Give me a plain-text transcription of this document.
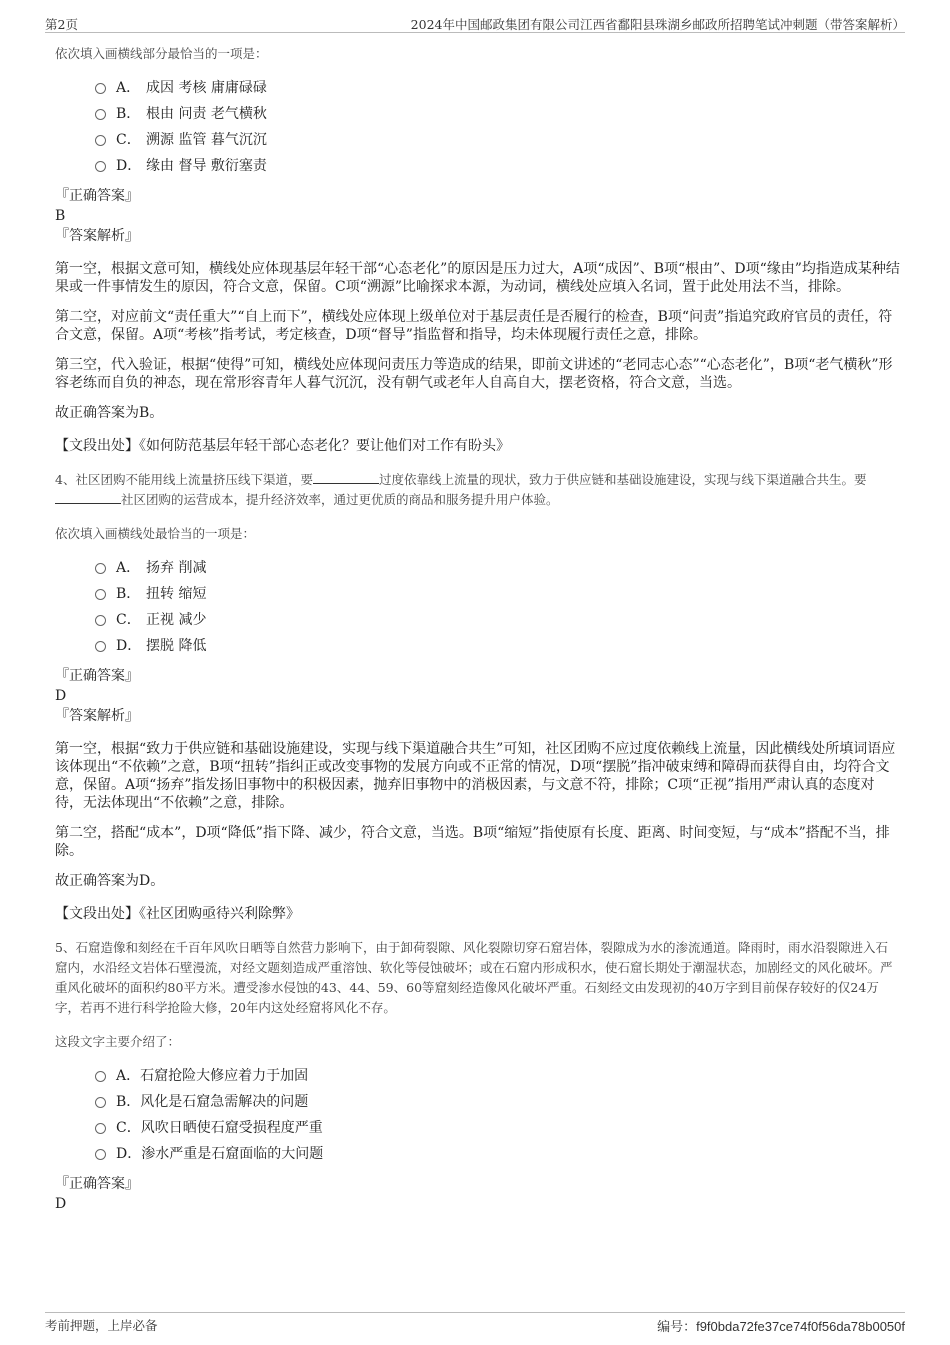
第2页	2024年中国邮政集团有限公司江西省鄱阳县珠湖乡邮政所招聘笔试冲刺题（带答案解析）

依次填入画横线部分最恰当的一项是：

A． 成因 考核 庸庸碌碌
B． 根由 问责 老气横秋
C． 溯源 监管 暮气沉沉
D． 缘由 督导 敷衍塞责

『正确答案』

B

『答案解析』

第一空，根据文意可知，横线处应体现基层年轻干部“心态老化”的原因是压力过大，A项“成因”、B项“根由”、D项“缘由”均指造成某种结果或一件事情发生的原因，符合文意，保留。C项“溯源”比喻探求本源，为动词，横线处应填入名词，置于此处用法不当，排除。

第二空，对应前文“责任重大”“自上而下”，横线处应体现上级单位对于基层责任是否履行的检查，B项“问责”指追究政府官员的责任，符合文意，保留。A项“考核”指考试，考定核查，D项“督导”指监督和指导，均未体现履行责任之意，排除。

第三空，代入验证，根据“使得”可知，横线处应体现问责压力等造成的结果，即前文讲述的“老同志心态”“心态老化”，B项“老气横秋”形容老练而自负的神态，现在常形容青年人暮气沉沉，没有朝气或老年人自高自大，摆老资格，符合文意，当选。

故正确答案为B。

【文段出处】《如何防范基层年轻干部心态老化？要让他们对工作有盼头》

4、社区团购不能用线上流量挤压线下渠道，要	过度依靠线上流量的现状，致力于供应链和基础设施建设，实现与线下渠道融合共生。要社区团购的运营成本，提升经济效率，通过更优质的商品和服务提升用户体验。

依次填入画横线处最恰当的一项是：

A． 扬弃 削减
B． 扭转 缩短
C． 正视 减少
D． 摆脱 降低

『正确答案』

D

『答案解析』

第一空，根据“致力于供应链和基础设施建设，实现与线下渠道融合共生”可知，社区团购不应过度依赖线上流量，因此横线处所填词语应该体现出“不依赖”之意，B项“扭转”指纠正或改变事物的发展方向或不正常的情况，D项“摆脱”指冲破束缚和障碍而获得自由，均符合文意，保留。A项“扬弃”指发扬旧事物中的积极因素，抛弃旧事物中的消极因素，与文意不符，排除；C项“正视”指用严肃认真的态度对待，无法体现出“不依赖”之意，排除。

第二空，搭配“成本”，D项“降低”指下降、减少，符合文意，当选。B项“缩短”指使原有长度、距离、时间变短，与“成本”搭配不当，排除。

故正确答案为D。

【文段出处】《社区团购亟待兴利除弊》

5、石窟造像和刻经在千百年风吹日晒等自然营力影响下，由于卸荷裂隙、风化裂隙切穿石窟岩体，裂隙成为水的渗流通道。降雨时，雨水沿裂隙进入石窟内，水沿经文岩体石壁漫流，对经文题刻造成严重溶蚀、软化等侵蚀破坏；或在石窟内形成积水，使石窟长期处于潮湿状态，加剧经文的风化破坏。严重风化破坏的面积约80平方米。遭受渗水侵蚀的43、44、59、60等窟刻经造像风化破坏严重。石刻经文由发现初的40万字到目前保存较好的仅24万字，若再不进行科学抢险大修，20年内这处经窟将风化不存。

这段文字主要介绍了：

A． 石窟抢险大修应着力于加固
B． 风化是石窟急需解决的问题
C． 风吹日晒使石窟受损程度严重
D． 渗水严重是石窟面临的大问题

『正确答案』

D

考前押题，上岸必备	编号：f9f0bda72fe37ce74f0f56da78b0050f
